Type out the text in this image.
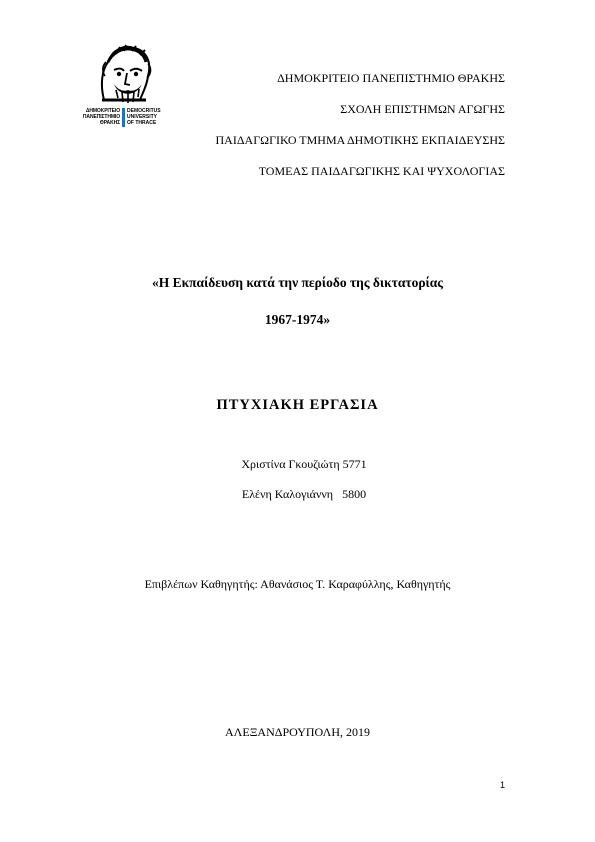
ΔΗΜΟΚΡΙΤΕΙΟ
ΠΑΝΕΠΙΣΤΗΜΙΟ
ΘΡΑΚΗΣ
DEMOCRITUS
UNIVERSITY
OF THRACE
ΔΗΜΟΚΡΙΤΕΙΟ ΠΑΝΕΠΙΣΤΗΜΙΟ ΘΡΑΚΗΣ
ΣΧΟΛΗ ΕΠΙΣΤΗΜΩΝ ΑΓΩΓΗΣ
ΠΑΙΔΑΓΩΓΙΚΟ ΤΜΗΜΑ ΔΗΜΟΤΙΚΗΣ ΕΚΠΑΙΔΕΥΣΗΣ
ΤΟΜΕΑΣ ΠΑΙΔΑΓΩΓΙΚΗΣ ΚΑΙ ΨΥΧΟΛΟΓΙΑΣ
«Η Εκπαίδευση κατά την περίοδο της δικτατορίας
1967-1974»
ΠΤΥΧΙΑΚΗ ΕΡΓΑΣΙΑ
Χριστίνα Γκουζιώτη 5771
Ελένη Καλογιάννη   5800
Επιβλέπων Καθηγητής: Αθανάσιος Τ. Καραφύλλης, Καθηγητής
ΑΛΕΞΑΝΔΡΟΥΠΟΛΗ, 2019
1
